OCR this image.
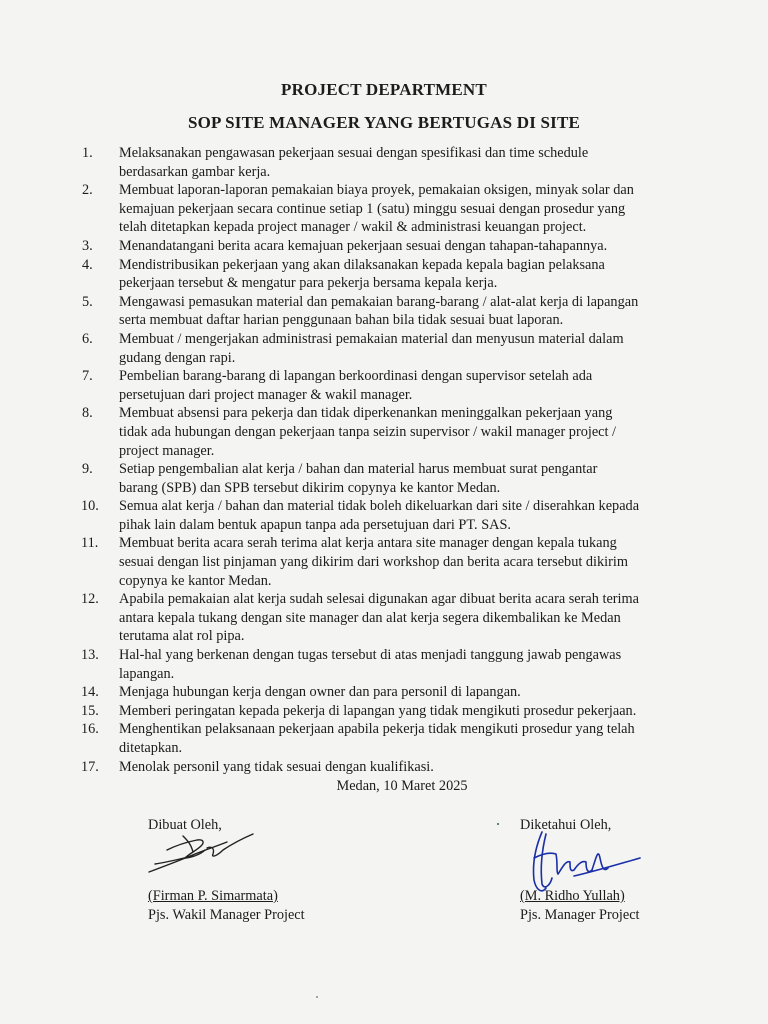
PROJECT DEPARTMENT
SOP SITE MANAGER YANG BERTUGAS DI SITE
1.	Melaksanakan pengawasan pekerjaan sesuai dengan spesifikasi dan time schedule
berdasarkan gambar kerja.
2.	Membuat laporan-laporan pemakaian biaya proyek, pemakaian oksigen, minyak solar dan
kemajuan pekerjaan secara continue setiap 1 (satu) minggu sesuai dengan prosedur yang
telah ditetapkan kepada project manager / wakil & administrasi keuangan project.
3.	Menandatangani berita acara kemajuan pekerjaan sesuai dengan tahapan-tahapannya.
4.	Mendistribusikan pekerjaan yang akan dilaksanakan kepada kepala bagian pelaksana
pekerjaan tersebut & mengatur para pekerja bersama kepala kerja.
5.	Mengawasi pemasukan material dan pemakaian barang-barang / alat-alat kerja di lapangan
serta membuat daftar harian penggunaan bahan bila tidak sesuai buat laporan.
6.	Membuat / mengerjakan administrasi pemakaian material dan menyusun material dalam
gudang dengan rapi.
7.	Pembelian barang-barang di lapangan berkoordinasi dengan supervisor setelah ada
persetujuan dari project manager & wakil manager.
8.	Membuat absensi para pekerja dan tidak diperkenankan meninggalkan pekerjaan yang
tidak ada hubungan dengan pekerjaan tanpa seizin supervisor / wakil manager project /
project manager.
9.	Setiap pengembalian alat kerja / bahan dan material harus membuat surat pengantar
barang (SPB) dan SPB tersebut dikirim copynya ke kantor Medan.
10.	Semua alat kerja / bahan dan material tidak boleh dikeluarkan dari site / diserahkan kepada
pihak lain dalam bentuk apapun tanpa ada persetujuan dari PT. SAS.
11.	Membuat berita acara serah terima alat kerja antara site manager dengan kepala tukang
sesuai dengan list pinjaman yang dikirim dari workshop dan berita acara tersebut dikirim
copynya ke kantor Medan.
12.	Apabila pemakaian alat kerja sudah selesai digunakan agar dibuat berita acara serah terima
antara kepala tukang dengan site manager dan alat kerja segera dikembalikan ke Medan
terutama alat rol pipa.
13.	Hal-hal yang berkenan dengan tugas tersebut di atas menjadi tanggung jawab pengawas
lapangan.
14.	Menjaga hubungan kerja dengan owner dan para personil di lapangan.
15.	Memberi peringatan kepada pekerja di lapangan yang tidak mengikuti prosedur pekerjaan.
16.	Menghentikan pelaksanaan pekerjaan apabila pekerja tidak mengikuti prosedur yang telah
ditetapkan.
17.	Menolak personil yang tidak sesuai dengan kualifikasi.
Medan, 10 Maret 2025
Dibuat Oleh,
(Firman P. Simarmata)
Pjs. Wakil Manager Project
Diketahui Oleh,
(M. Ridho Yullah)
Pjs. Manager Project
